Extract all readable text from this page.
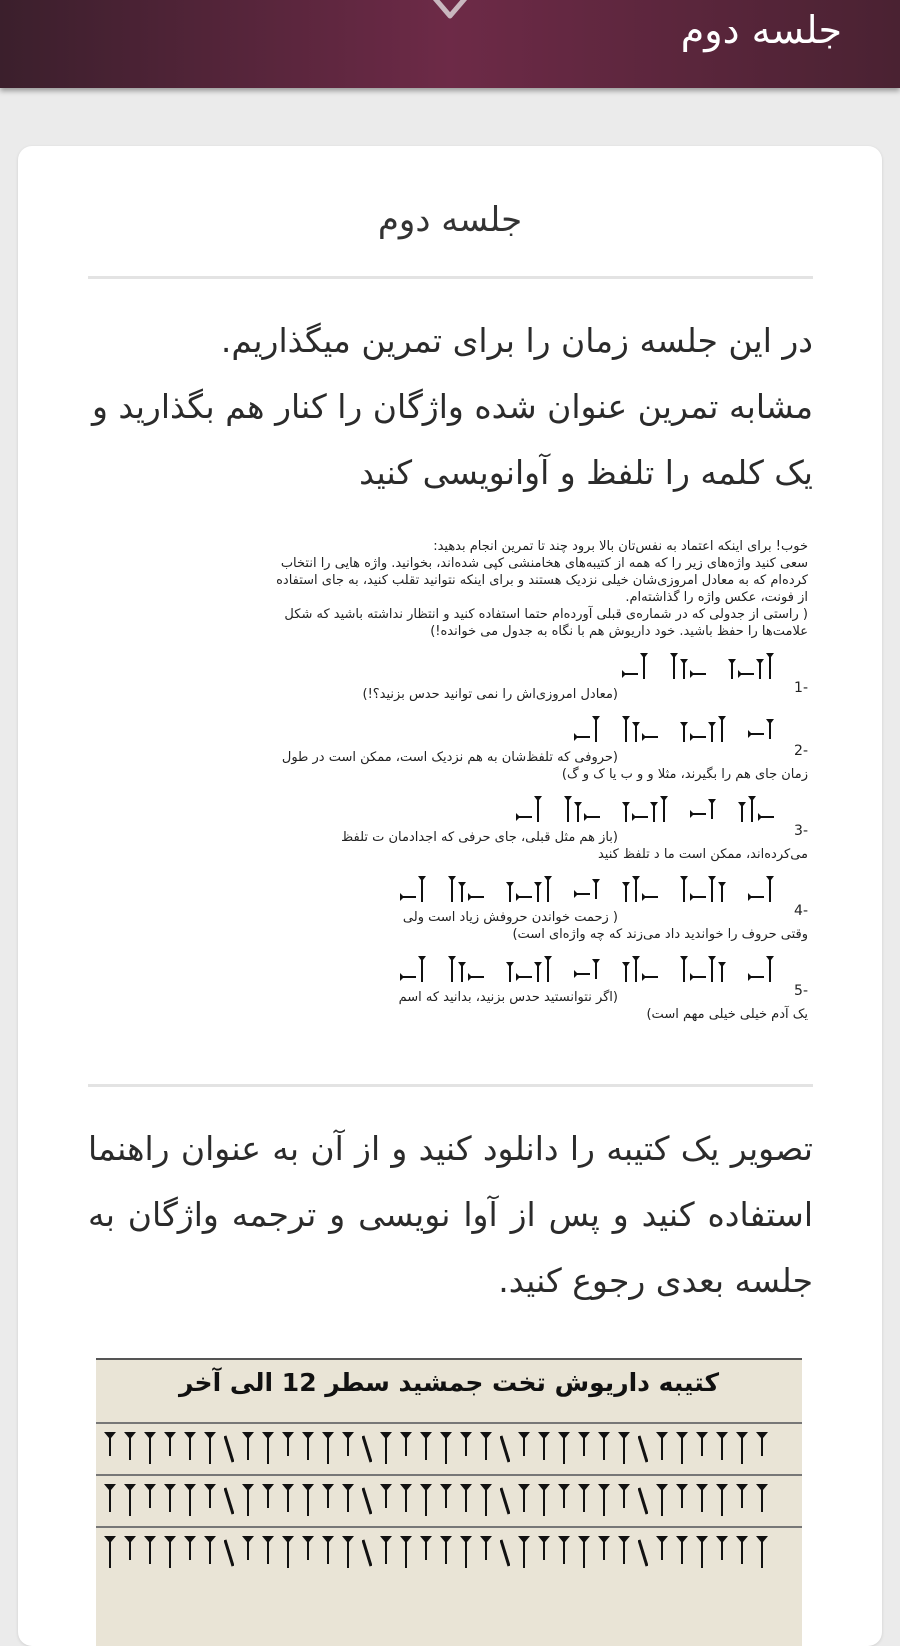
جلسه دوم
جلسه دوم
در این جلسه زمان را برای تمرین میگذاریم.
مشابه تمرین عنوان شده واژگان را کنار هم بگذارید و
یک کلمه را تلفظ و آوانویسی کنید
خوب! برای اینکه اعتماد به نفس‌تان بالا برود چند تا تمرین انجام بدهید:
سعی کنید واژه‌های زیر را که همه از کتیبه‌های هخامنشی کپی شده‌اند، بخوانید. واژه هایی را انتخاب
کرده‌ام که به معادل امروزی‌شان خیلی نزدیک هستند و برای اینکه نتوانید تقلب کنید، به جای استفاده
از فونت، عکس واژه را گذاشته‌ام.
( راستی از جدولی که در شماره‌ی قبلی آورده‌ام حتما استفاده کنید و انتظار نداشته باشید که شکل
علامت‌ها را حفظ باشید. خود داریوش هم با نگاه به جدول می خوانده!)
-1
(معادل امروزی‌اش را نمی توانید حدس بزنید؟!)
-2
(حروفی که تلفظ‌شان به هم نزدیک است، ممکن است در طول
زمان جای هم را بگیرند، مثلا و و ب یا ک و گ)
-3
(باز هم مثل قبلی، جای حرفی که اجدادمان ت تلفظ
می‌کرده‌اند، ممکن است ما د تلفظ کنید
-4
( زحمت خواندن حروفش زیاد است ولی
وقتی حروف را خواندید داد می‌زند که چه واژه‌ای است)
-5
(اگر نتوانستید حدس بزنید، بدانید که اسم
یک آدم خیلی خیلی مهم است)
تصویر یک کتیبه را دانلود کنید و از آن به عنوان راهنما
استفاده کنید و پس از آوا نویسی و ترجمه واژگان به
جلسه بعدی رجوع کنید.
کتیبه داریوش تخت جمشید سطر 12 الی آخر
